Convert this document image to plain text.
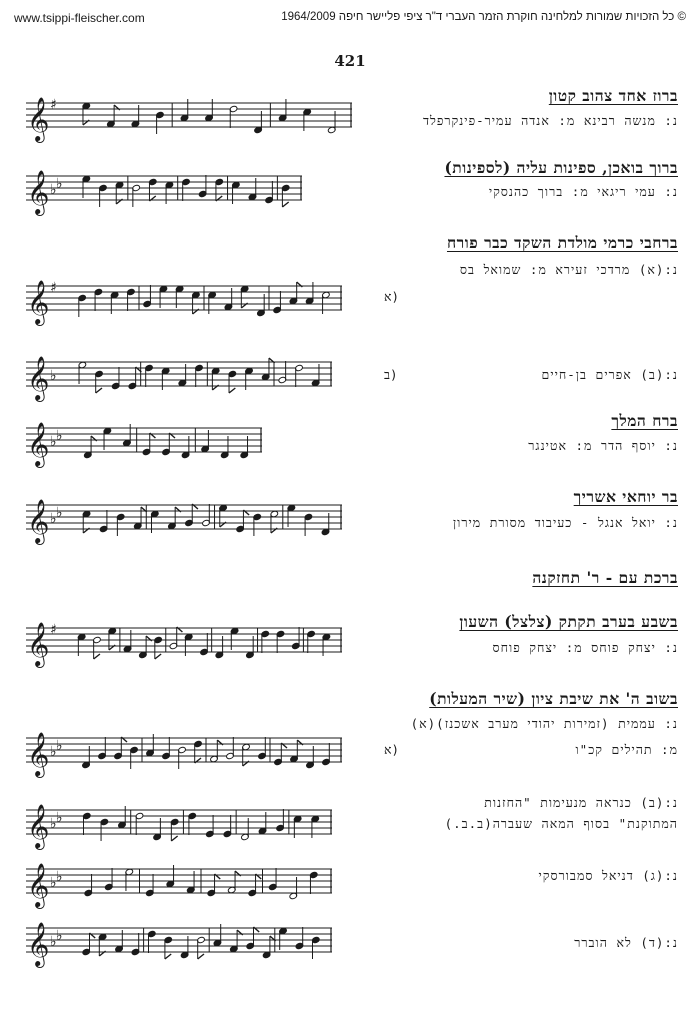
www.tsippi-fleischer.com	© כל הזכויות שמורות למלחינה חוקרת הזמר העברי ד"ר ציפי פליישר חיפה 1964/2009
421
ברוז אחד צהוב קטון
נ: מנשה רבינא מ: אנדה עמיר-פינקרפלד
𝄞 ♯
ברוך בואכן, ספינות עליה (לספינות)
נ: עמי ריגאי מ: ברוך כהנסקי
𝄞 ♭ ♭
ברחבי כרמי מולדת השקד כבר פורח
נ:(א) מרדכי זעירא מ: שמואל בס
א)
𝄞 ♯
נ:(ב) אפרים בן-חיים
ב)
𝄞 ♭
ברח המלך
נ: יוסף הדר מ: אטינגר
𝄞 ♭ ♭
בר יוחאי אשריך
נ: יואל אנגל - כעיבוד מסורת מירון
𝄞 ♭ ♭
ברכת עם - ר' תחזקנה
בשבע בערב תקתק (צלצל) השעון
נ: יצחק פוחס מ: יצחק פוחס
𝄞 ♯
בשוב ה' את שיבת ציון (שיר המעלות)
נ: עממית (זמירות יהודי מערב אשכנז)(א)
מ: תהילים קכ"ו
א)
𝄞 ♭ ♭
נ:(ב) כנראה מנעימות "החזנות
המתוקנת" בסוף המאה שעברה(ב.ב.)
𝄞 ♭ ♭
נ:(ג) דניאל סמבורסקי
𝄞 ♭ ♭
נ:(ד) לא הוברר
𝄞 ♭ ♭
